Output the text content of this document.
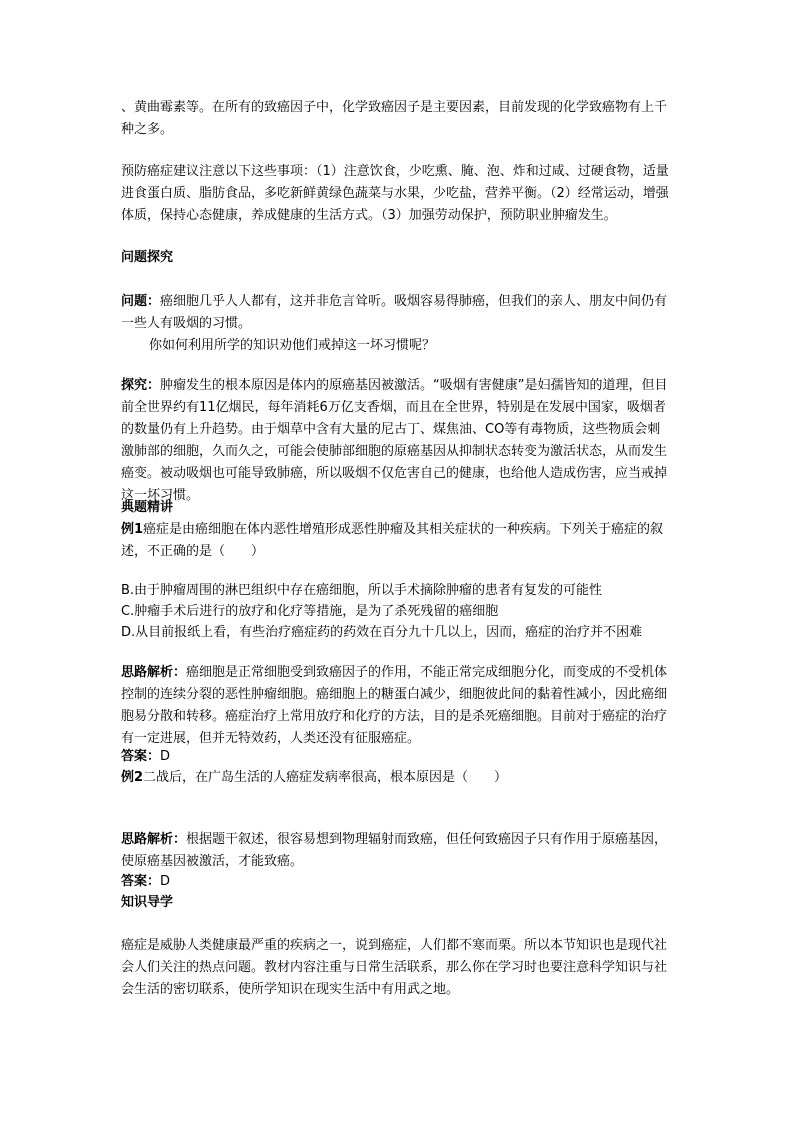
、黄曲霉素等。在所有的致癌因子中，化学致癌因子是主要因素，目前发现的化学致癌物有上千种之多。

预防癌症建议注意以下这些事项：（1）注意饮食，少吃熏、腌、泡、炸和过咸、过硬食物，适量进食蛋白质、脂肪食品，多吃新鲜黄绿色蔬菜与水果，少吃盐，营养平衡。（2）经常运动，增强体质，保持心态健康，养成健康的生活方式。（3）加强劳动保护，预防职业肿瘤发生。

问题探究

问题：癌细胞几乎人人都有，这并非危言耸听。吸烟容易得肺癌，但我们的亲人、朋友中间仍有一些人有吸烟的习惯。

你如何利用所学的知识劝他们戒掉这一坏习惯呢？

探究：肿瘤发生的根本原因是体内的原癌基因被激活。“吸烟有害健康”是妇孺皆知的道理，但目前全世界约有11亿烟民，每年消耗6万亿支香烟，而且在全世界，特别是在发展中国家，吸烟者的数量仍有上升趋势。由于烟草中含有大量的尼古丁、煤焦油、CO等有毒物质，这些物质会刺激肺部的细胞，久而久之，可能会使肺部细胞的原癌基因从抑制状态转变为激活状态，从而发生癌变。被动吸烟也可能导致肺癌，所以吸烟不仅危害自己的健康，也给他人造成伤害，应当戒掉这一坏习惯。

典题精讲

例1癌症是由癌细胞在体内恶性增殖形成恶性肿瘤及其相关症状的一种疾病。下列关于癌症的叙述，不正确的是（　　）

B.由于肿瘤周围的淋巴组织中存在癌细胞，所以手术摘除肿瘤的患者有复发的可能性

C.肿瘤手术后进行的放疗和化疗等措施，是为了杀死残留的癌细胞

D.从目前报纸上看，有些治疗癌症药的药效在百分九十几以上，因而，癌症的治疗并不困难

思路解析：癌细胞是正常细胞受到致癌因子的作用，不能正常完成细胞分化，而变成的不受机体控制的连续分裂的恶性肿瘤细胞。癌细胞上的糖蛋白减少，细胞彼此间的黏着性减小，因此癌细胞易分散和转移。癌症治疗上常用放疗和化疗的方法，目的是杀死癌细胞。目前对于癌症的治疗有一定进展，但并无特效药，人类还没有征服癌症。

答案：D

例2二战后，在广岛生活的人癌症发病率很高，根本原因是（　　）

思路解析：根据题干叙述，很容易想到物理辐射而致癌，但任何致癌因子只有作用于原癌基因，使原癌基因被激活，才能致癌。

答案：D

知识导学

癌症是威胁人类健康最严重的疾病之一，说到癌症，人们都不寒而栗。所以本节知识也是现代社会人们关注的热点问题。教材内容注重与日常生活联系，那么你在学习时也要注意科学知识与社会生活的密切联系，使所学知识在现实生活中有用武之地。
